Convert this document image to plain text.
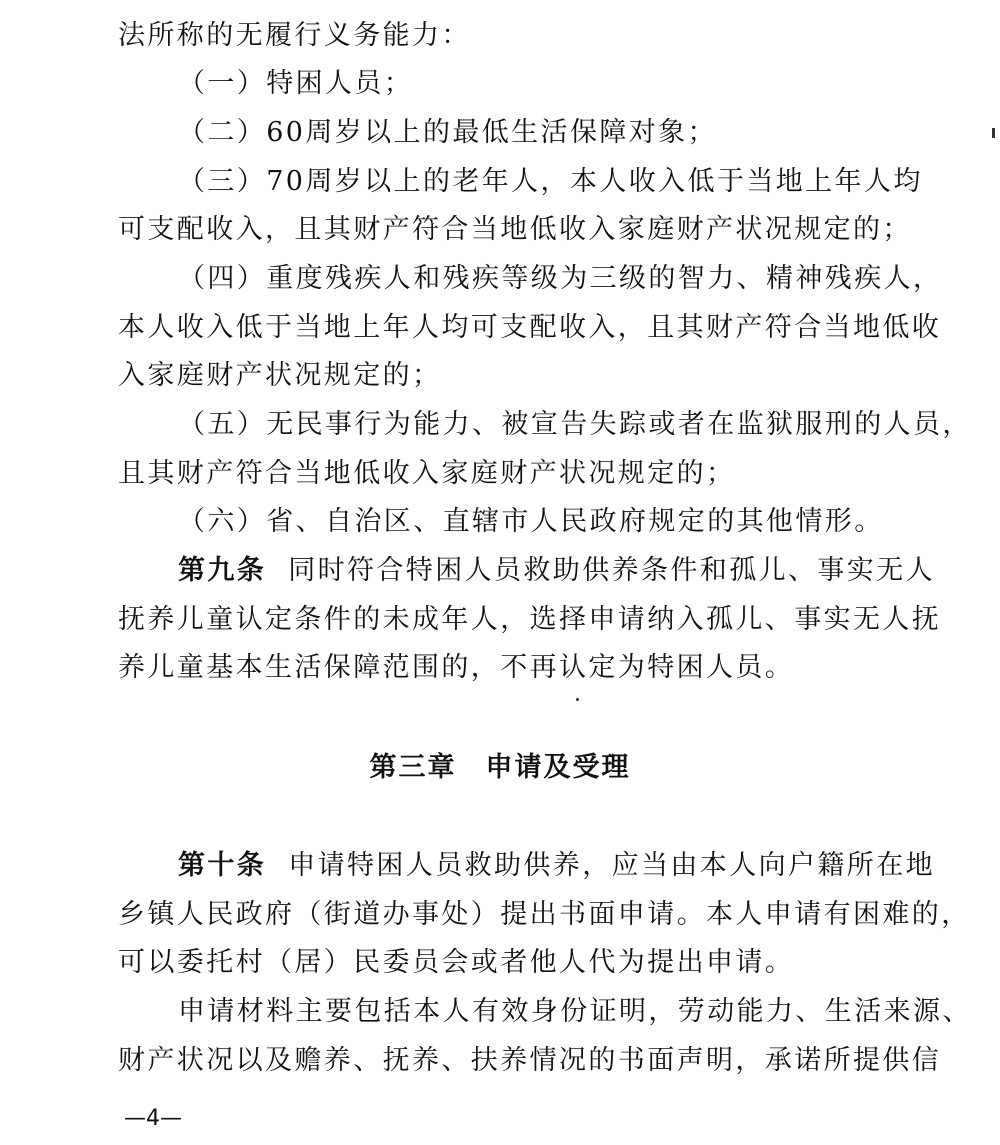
法所称的无履行义务能力：
（一）特困人员；
（二）60周岁以上的最低生活保障对象；
（三）70周岁以上的老年人，本人收入低于当地上年人均
可支配收入，且其财产符合当地低收入家庭财产状况规定的；
（四）重度残疾人和残疾等级为三级的智力、精神残疾人，
本人收入低于当地上年人均可支配收入，且其财产符合当地低收
入家庭财产状况规定的；
（五）无民事行为能力、被宣告失踪或者在监狱服刑的人员，
且其财产符合当地低收入家庭财产状况规定的；
（六）省、自治区、直辖市人民政府规定的其他情形。
第九条 同时符合特困人员救助供养条件和孤儿、事实无人
抚养儿童认定条件的未成年人，选择申请纳入孤儿、事实无人抚
养儿童基本生活保障范围的，不再认定为特困人员。
第三章　申请及受理
第十条 申请特困人员救助供养，应当由本人向户籍所在地
乡镇人民政府（街道办事处）提出书面申请。本人申请有困难的，
可以委托村（居）民委员会或者他人代为提出申请。
申请材料主要包括本人有效身份证明，劳动能力、生活来源、
财产状况以及赡养、抚养、扶养情况的书面声明，承诺所提供信
—4—
